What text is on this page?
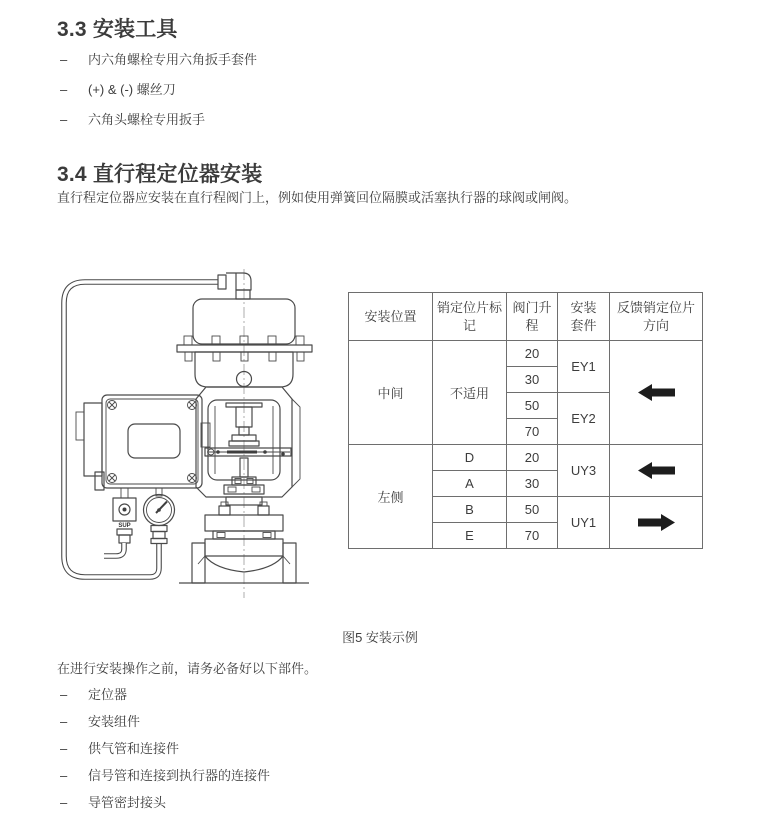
3.3 安装工具
–	内六角螺栓专用六角扳手套件
–	(+) & (-) 螺丝刀
–	六角头螺栓专用扳手
3.4 直行程定位器安装

直行程定位器应安装在直行程阀门上，例如使用弹簧回位隔膜或活塞执行器的球阀或闸阀。

SUP
安装位置	销定位片标记	阀门升程	安装套件	反馈销定位片方向
中间	不适用	20	EY1	
		30		
		50	EY2	
		70		
左侧	D	20	UY3	
	A	30		
	B	50	UY1	
	E	70		
图5 安装示例

在进行安装操作之前，请务必备好以下部件。

–	定位器
–	安装组件
–	供气管和连接件
–	信号管和连接到执行器的连接件
–	导管密封接头
